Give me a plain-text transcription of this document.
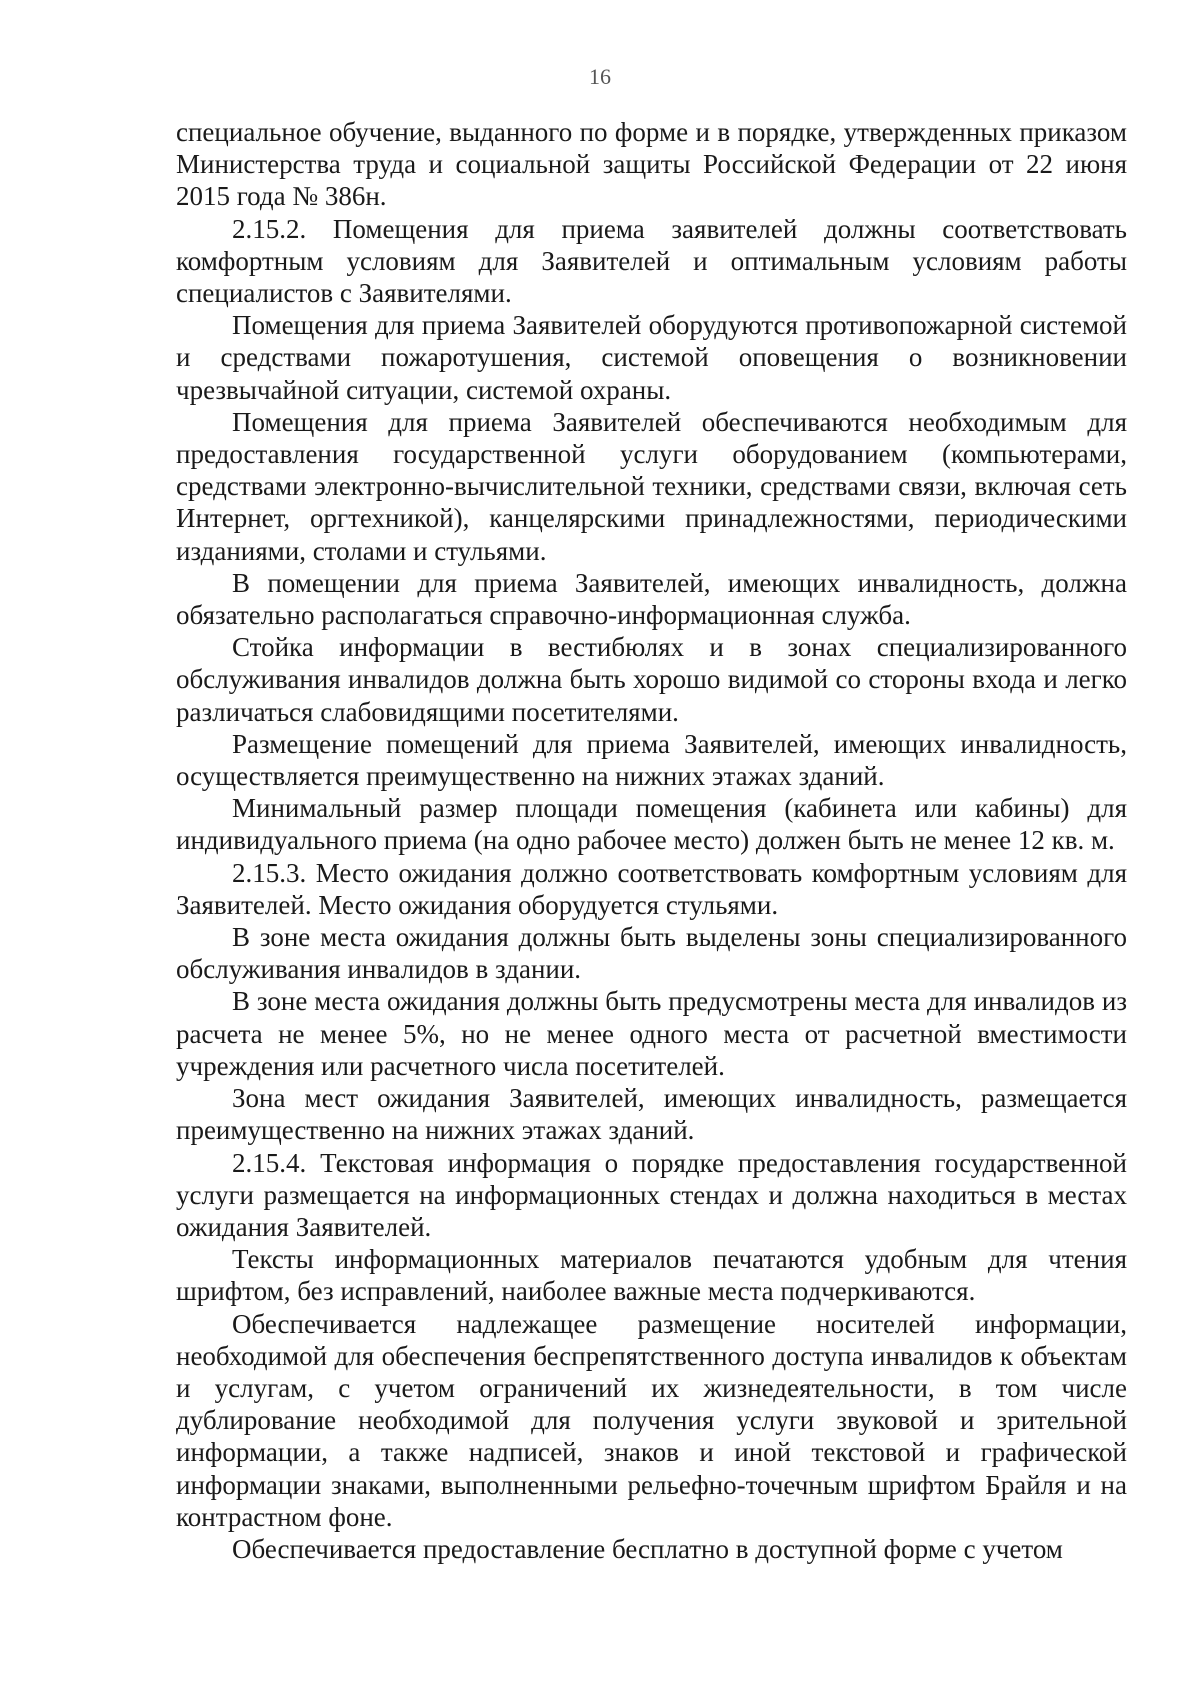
16

специальное обучение, выданного по форме и в порядке, утвержденных приказом Министерства труда и социальной защиты Российской Федерации от 22 июня 2015 года № 386н.

2.15.2. Помещения для приема заявителей должны соответствовать комфортным условиям для Заявителей и оптимальным условиям работы специалистов с Заявителями.

Помещения для приема Заявителей оборудуются противопожарной системой и средствами пожаротушения, системой оповещения о возникновении чрезвычайной ситуации, системой охраны.

Помещения для приема Заявителей обеспечиваются необходимым для предоставления государственной услуги оборудованием (компьютерами, средствами электронно-вычислительной техники, средствами связи, включая сеть Интернет, оргтехникой), канцелярскими принадлежностями, периодическими изданиями, столами и стульями.

В помещении для приема Заявителей, имеющих инвалидность, должна обязательно располагаться справочно-информационная служба.

Стойка информации в вестибюлях и в зонах специализированного обслуживания инвалидов должна быть хорошо видимой со стороны входа и легко различаться слабовидящими посетителями.

Размещение помещений для приема Заявителей, имеющих инвалидность, осуществляется преимущественно на нижних этажах зданий.

Минимальный размер площади помещения (кабинета или кабины) для индивидуального приема (на одно рабочее место) должен быть не менее 12 кв. м.

2.15.3. Место ожидания должно соответствовать комфортным условиям для Заявителей. Место ожидания оборудуется стульями.

В зоне места ожидания должны быть выделены зоны специализированного обслуживания инвалидов в здании.

В зоне места ожидания должны быть предусмотрены места для инвалидов из расчета не менее 5%, но не менее одного места от расчетной вместимости учреждения или расчетного числа посетителей.

Зона мест ожидания Заявителей, имеющих инвалидность, размещается преимущественно на нижних этажах зданий.

2.15.4. Текстовая информация о порядке предоставления государственной услуги размещается на информационных стендах и должна находиться в местах ожидания Заявителей.

Тексты информационных материалов печатаются удобным для чтения шрифтом, без исправлений, наиболее важные места подчеркиваются.

Обеспечивается надлежащее размещение носителей информации, необходимой для обеспечения беспрепятственного доступа инвалидов к объектам и услугам, с учетом ограничений их жизнедеятельности, в том числе дублирование необходимой для получения услуги звуковой и зрительной информации, а также надписей, знаков и иной текстовой и графической информации знаками, выполненными рельефно-точечным шрифтом Брайля и на контрастном фоне.

Обеспечивается предоставление бесплатно в доступной форме с учетом
